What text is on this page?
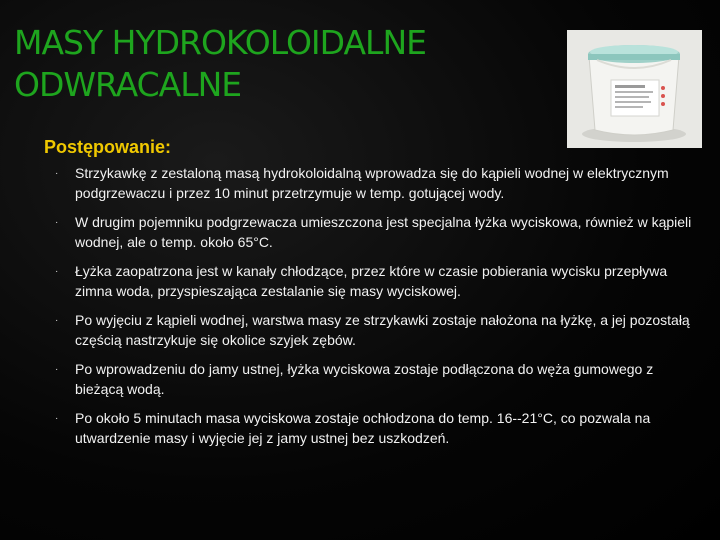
MASY HYDROKOLOIDALNE
ODWRACALNE
Postępowanie:
· Strzykawkę z zestaloną masą hydrokoloidalną wprowadza się do kąpieli wodnej w elektrycznym podgrzewaczu i przez 10 minut przetrzymuje w temp. gotującej wody.
· W drugim pojemniku podgrzewacza umieszczona jest specjalna łyżka wyciskowa, również w kąpieli wodnej, ale o temp. około 65°C.
· Łyżka zaopatrzona jest w kanały chłodzące, przez które w czasie pobierania wycisku przepływa zimna woda, przyspieszająca zestalanie się masy wyciskowej.
· Po wyjęciu z kąpieli wodnej, warstwa masy ze strzykawki zostaje nałożona na łyżkę, a jej pozostałą częścią nastrzykuje się okolice szyjek zębów.
· Po wprowadzeniu do jamy ustnej, łyżka wyciskowa zostaje podłączona do węża gumowego z bieżącą wodą.
· Po około 5 minutach masa wyciskowa zostaje ochłodzona do temp. 16--21°C, co pozwala na utwardzenie masy i wyjęcie jej z jamy ustnej bez uszkodzeń.
